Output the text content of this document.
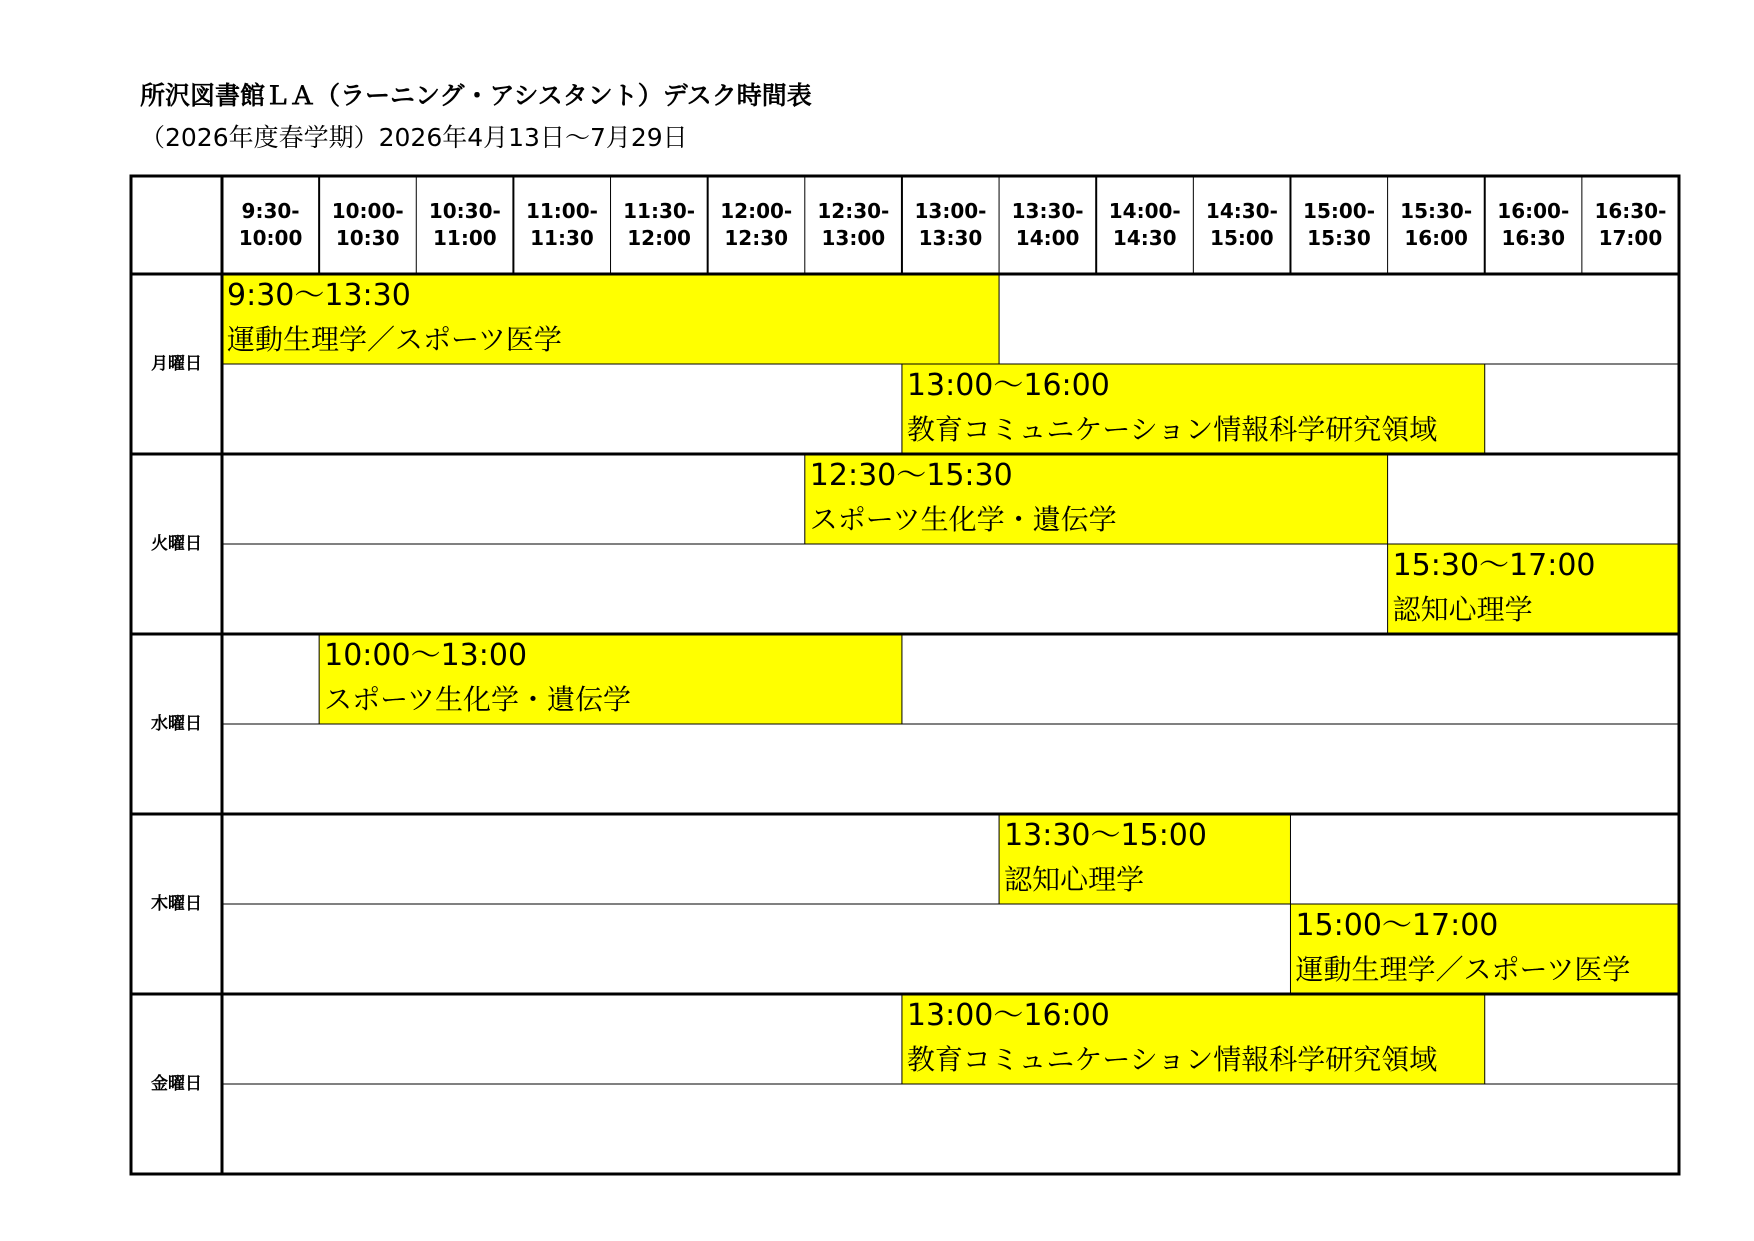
所沢図書館ＬＡ（ラーニング・アシスタント）デスク時間表
（2026年度春学期）2026年4月13日～7月29日
9:30～13:30
運動生理学／スポーツ医学
13:00～16:00
教育コミュニケーション情報科学研究領域
12:30～15:30
スポーツ生化学・遺伝学
15:30～17:00
認知心理学
10:00～13:00
スポーツ生化学・遺伝学
13:30～15:00
認知心理学
15:00～17:00
運動生理学／スポーツ医学
13:00～16:00
教育コミュニケーション情報科学研究領域
9:30-
10:00
10:00-
10:30
10:30-
11:00
11:00-
11:30
11:30-
12:00
12:00-
12:30
12:30-
13:00
13:00-
13:30
13:30-
14:00
14:00-
14:30
14:30-
15:00
15:00-
15:30
15:30-
16:00
16:00-
16:30
16:30-
17:00
月曜日
火曜日
水曜日
木曜日
金曜日
